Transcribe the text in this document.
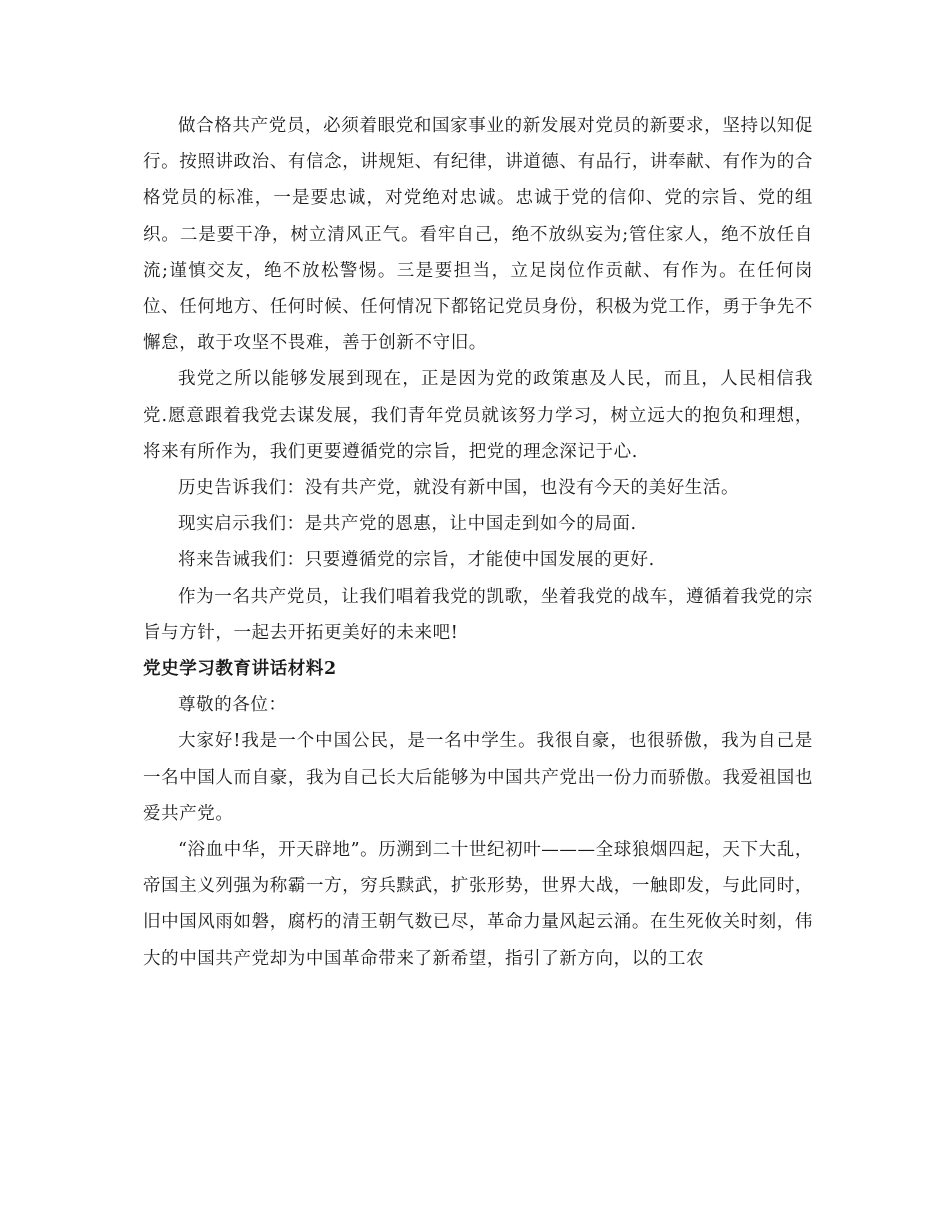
做合格共产党员，必须着眼党和国家事业的新发展对党员的新要求，坚持以知促行。按照讲政治、有信念，讲规矩、有纪律，讲道德、有品行，讲奉献、有作为的合格党员的标准，一是要忠诚，对党绝对忠诚。忠诚于党的信仰、党的宗旨、党的组织。二是要干净，树立清风正气。看牢自己，绝不放纵妄为;管住家人，绝不放任自流;谨慎交友，绝不放松警惕。三是要担当，立足岗位作贡献、有作为。在任何岗位、任何地方、任何时候、任何情况下都铭记党员身份，积极为党工作，勇于争先不懈怠，敢于攻坚不畏难，善于创新不守旧。

我党之所以能够发展到现在，正是因为党的政策惠及人民，而且，人民相信我党.愿意跟着我党去谋发展，我们青年党员就该努力学习，树立远大的抱负和理想，将来有所作为，我们更要遵循党的宗旨，把党的理念深记于心.

历史告诉我们：没有共产党，就没有新中国，也没有今天的美好生活。

现实启示我们：是共产党的恩惠，让中国走到如今的局面.

将来告诫我们：只要遵循党的宗旨，才能使中国发展的更好.

作为一名共产党员，让我们唱着我党的凯歌，坐着我党的战车，遵循着我党的宗旨与方针，一起去开拓更美好的未来吧!

党史学习教育讲话材料2

尊敬的各位：

大家好!我是一个中国公民，是一名中学生。我很自豪，也很骄傲，我为自己是一名中国人而自豪，我为自己长大后能够为中国共产党出一份力而骄傲。我爱祖国也爱共产党。

“浴血中华，开天辟地”。历溯到二十世纪初叶———全球狼烟四起，天下大乱，帝国主义列强为称霸一方，穷兵黩武，扩张形势，世界大战，一触即发，与此同时，旧中国风雨如磐，腐朽的清王朝气数已尽，革命力量风起云涌。在生死攸关时刻，伟大的中国共产党却为中国革命带来了新希望，指引了新方向，以的工农
